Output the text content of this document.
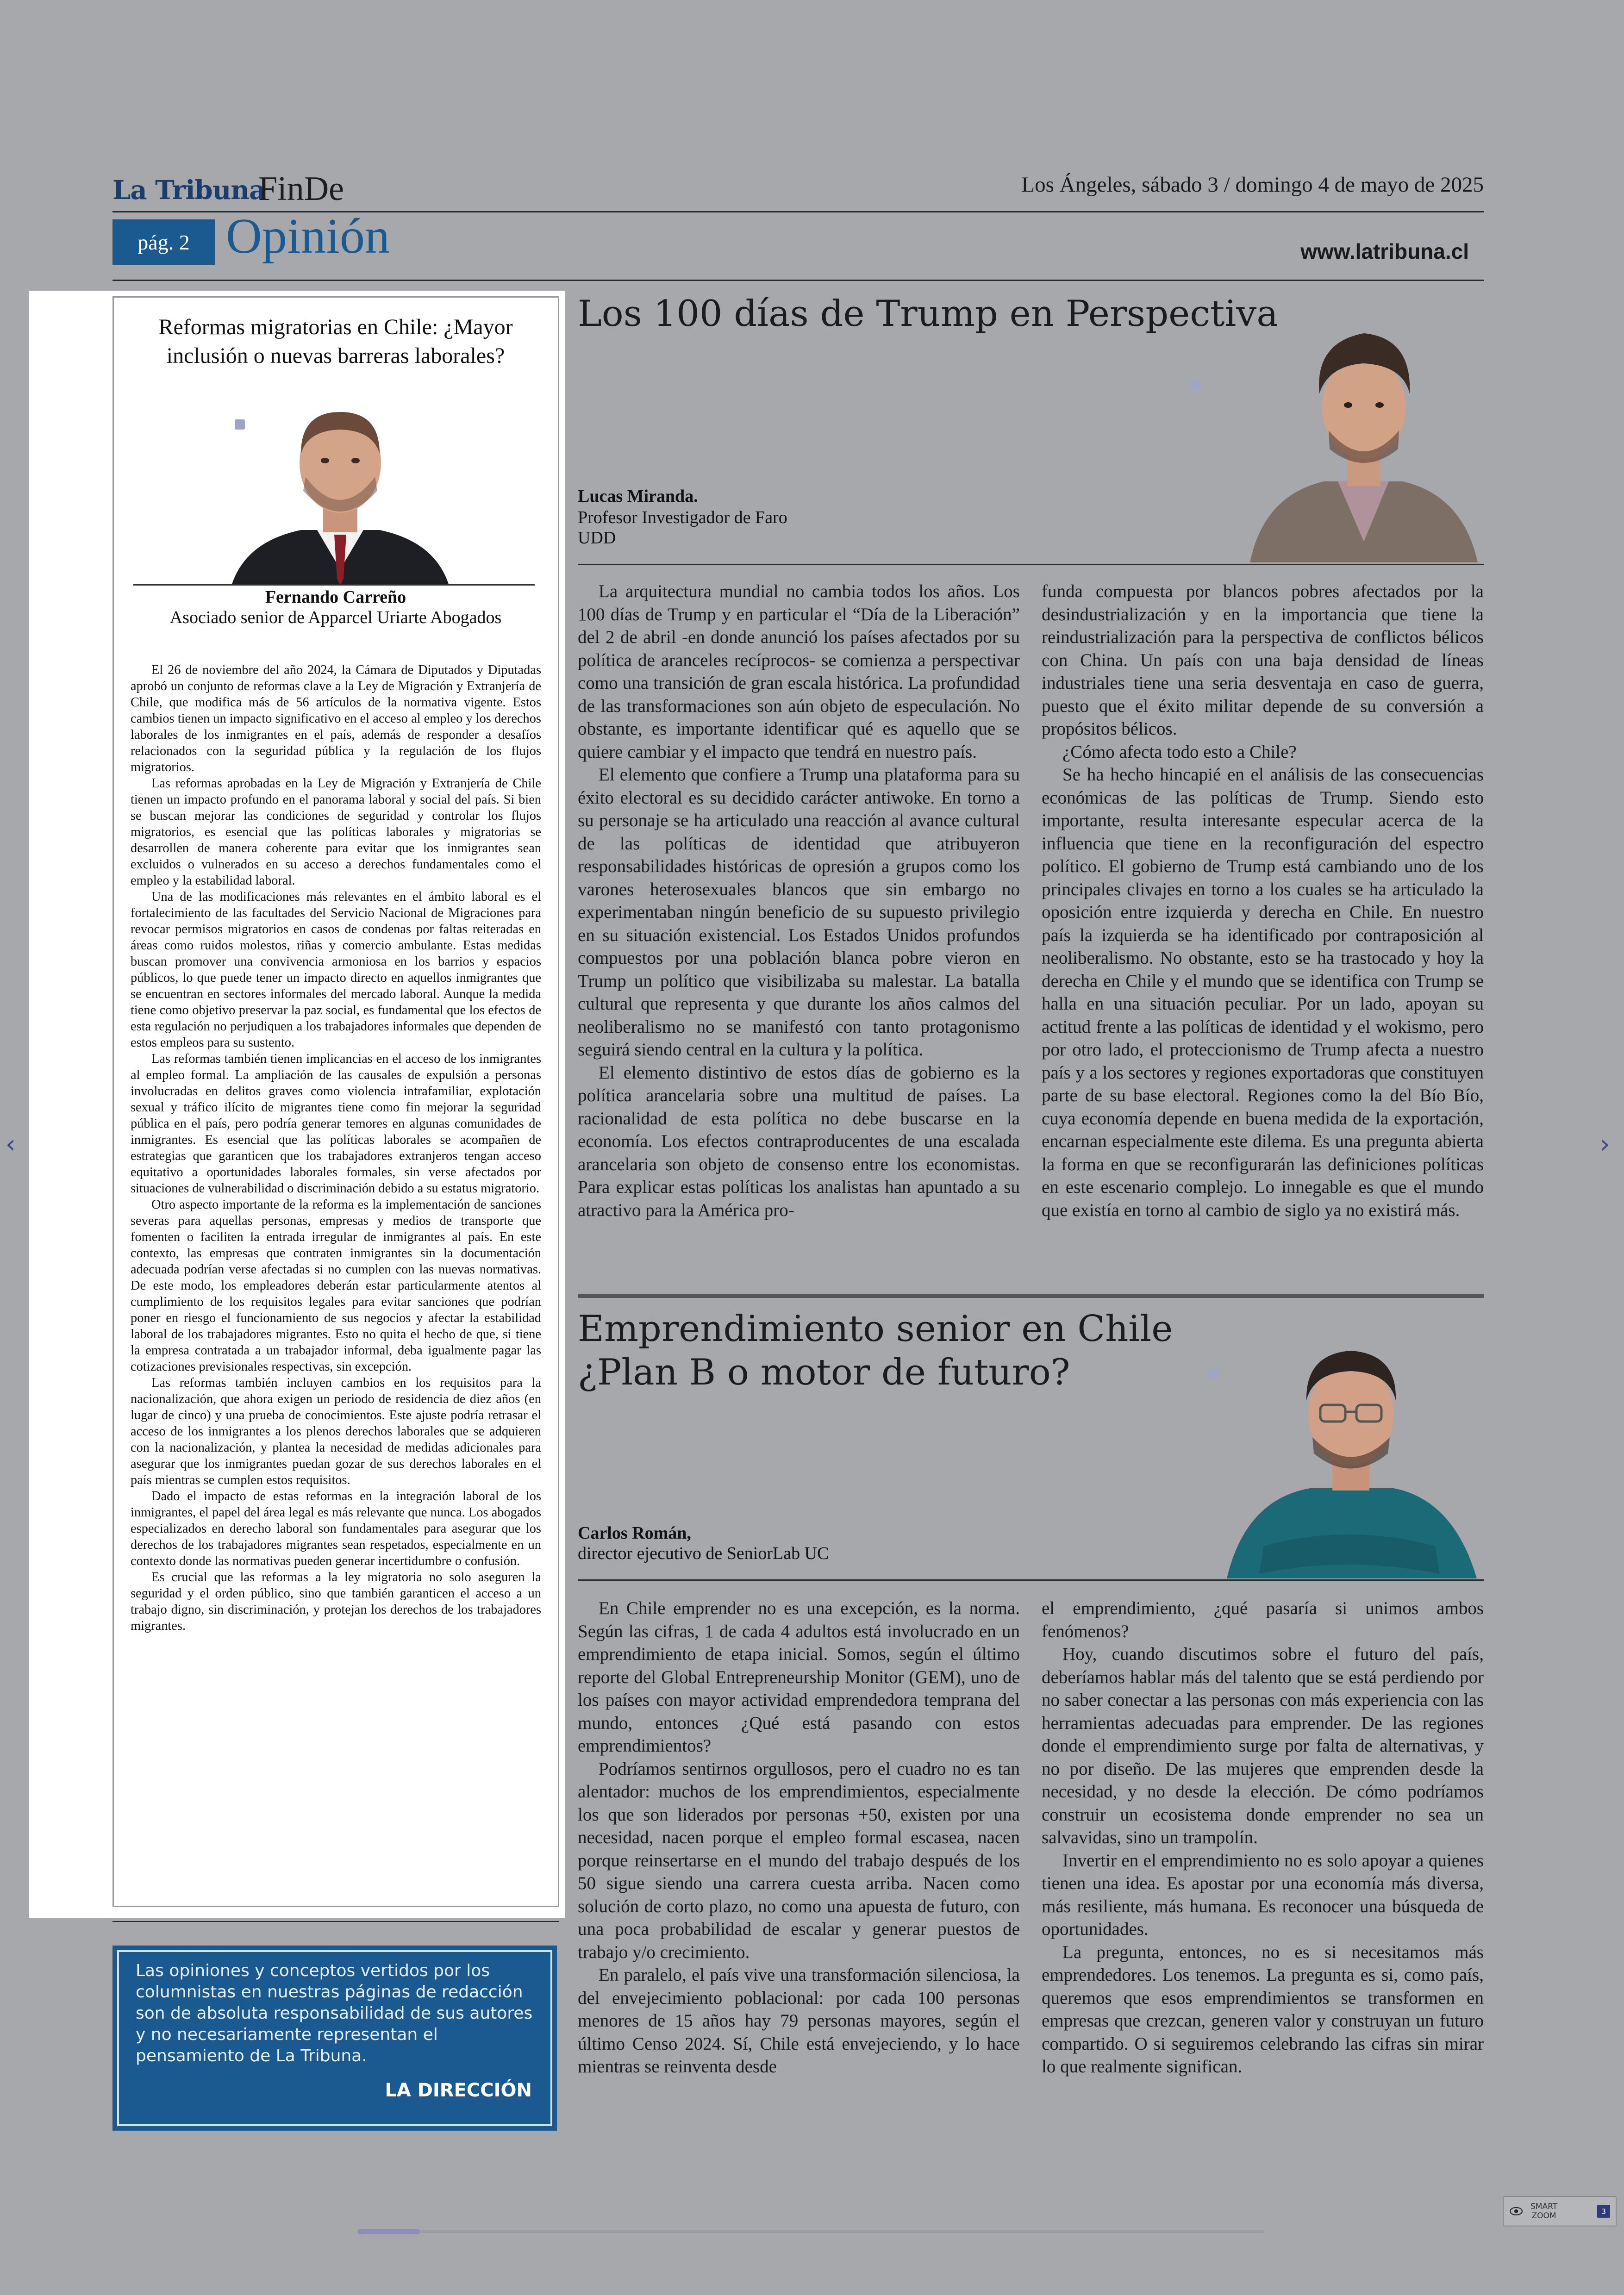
La Tribuna
FinDe	Los Ángeles, sábado 3 / domingo 4 de mayo de 2025
pág. 2 Opinión	www.latribuna.cl
Reformas migratorias en Chile: ¿Mayor inclusión o nuevas barreras laborales?
Fernando Carreño
Asociado senior de Apparcel Uriarte Abogados

El 26 de noviembre del año 2024, la Cámara de Diputados y Diputadas aprobó un conjunto de reformas clave a la Ley de Migración y Extranjería de Chile, que modifica más de 56 artículos de la normativa vigente. Estos cambios tienen un impacto significativo en el acceso al empleo y los derechos laborales de los inmigrantes en el país, además de responder a desafíos relacionados con la seguridad pública y la regulación de los flujos migratorios.

Las reformas aprobadas en la Ley de Migración y Extranjería de Chile tienen un impacto profundo en el panorama laboral y social del país. Si bien se buscan mejorar las condiciones de seguridad y controlar los flujos migratorios, es esencial que las políticas laborales y migratorias se desarrollen de manera coherente para evitar que los inmigrantes sean excluidos o vulnerados en su acceso a derechos fundamentales como el empleo y la estabilidad laboral.

Una de las modificaciones más relevantes en el ámbito laboral es el fortalecimiento de las facultades del Servicio Nacional de Migraciones para revocar permisos migratorios en casos de condenas por faltas reiteradas en áreas como ruidos molestos, riñas y comercio ambulante. Estas medidas buscan promover una convivencia armoniosa en los barrios y espacios públicos, lo que puede tener un impacto directo en aquellos inmigrantes que se encuentran en sectores informales del mercado laboral. Aunque la medida tiene como objetivo preservar la paz social, es fundamental que los efectos de esta regulación no perjudiquen a los trabajadores informales que dependen de estos empleos para su sustento.

Las reformas también tienen implicancias en el acceso de los inmigrantes al empleo formal. La ampliación de las causales de expulsión a personas involucradas en delitos graves como violencia intrafamiliar, explotación sexual y tráfico ilícito de migrantes tiene como fin mejorar la seguridad pública en el país, pero podría generar temores en algunas comunidades de inmigrantes. Es esencial que las políticas laborales se acompañen de estrategias que garanticen que los trabajadores extranjeros tengan acceso equitativo a oportunidades laborales formales, sin verse afectados por situaciones de vulnerabilidad o discriminación debido a su estatus migratorio.

Otro aspecto importante de la reforma es la implementación de sanciones severas para aquellas personas, empresas y medios de transporte que fomenten o faciliten la entrada irregular de inmigrantes al país. En este contexto, las empresas que contraten inmigrantes sin la documentación adecuada podrían verse afectadas si no cumplen con las nuevas normativas. De este modo, los empleadores deberán estar particularmente atentos al cumplimiento de los requisitos legales para evitar sanciones que podrían poner en riesgo el funcionamiento de sus negocios y afectar la estabilidad laboral de los trabajadores migrantes. Esto no quita el hecho de que, si tiene la empresa contratada a un trabajador informal, deba igualmente pagar las cotizaciones previsionales respectivas, sin excepción.

Las reformas también incluyen cambios en los requisitos para la nacionalización, que ahora exigen un periodo de residencia de diez años (en lugar de cinco) y una prueba de conocimientos. Este ajuste podría retrasar el acceso de los inmigrantes a los plenos derechos laborales que se adquieren con la nacionalización, y plantea la necesidad de medidas adicionales para asegurar que los inmigrantes puedan gozar de sus derechos laborales en el país mientras se cumplen estos requisitos.

Dado el impacto de estas reformas en la integración laboral de los inmigrantes, el papel del área legal es más relevante que nunca. Los abogados especializados en derecho laboral son fundamentales para asegurar que los derechos de los trabajadores migrantes sean respetados, especialmente en un contexto donde las normativas pueden generar incertidumbre o confusión.

Es crucial que las reformas a la ley migratoria no solo aseguren la seguridad y el orden público, sino que también garanticen el acceso a un trabajo digno, sin discriminación, y protejan los derechos de los trabajadores migrantes.

Las opiniones y conceptos vertidos por los columnistas en nuestras páginas de redacción son de absoluta responsabilidad de sus autores y no necesariamente representan el pensamiento de La Tribuna.
LA DIRECCIÓN
Los 100 días de Trump en Perspectiva
Lucas Miranda.
Profesor Investigador de Faro UDD

La arquitectura mundial no cambia todos los años. Los 100 días de Trump y en particular el “Día de la Liberación” del 2 de abril -en donde anunció los países afectados por su política de aranceles recíprocos- se comienza a perspectivar como una transición de gran escala histórica. La profundidad de las transformaciones son aún objeto de especulación. No obstante, es importante identificar qué es aquello que se quiere cambiar y el impacto que tendrá en nuestro país.

El elemento que confiere a Trump una plataforma para su éxito electoral es su decidido carácter antiwoke. En torno a su personaje se ha articulado una reacción al avance cultural de las políticas de identidad que atribuyeron responsabilidades históricas de opresión a grupos como los varones heterosexuales blancos que sin embargo no experimentaban ningún beneficio de su supuesto privilegio en su situación existencial. Los Estados Unidos profundos compuestos por una población blanca pobre vieron en Trump un político que visibilizaba su malestar. La batalla cultural que representa y que durante los años calmos del neoliberalismo no se manifestó con tanto protagonismo seguirá siendo central en la cultura y la política.

El elemento distintivo de estos días de gobierno es la política arancelaria sobre una multitud de países. La racionalidad de esta política no debe buscarse en la economía. Los efectos contraproducentes de una escalada arancelaria son objeto de consenso entre los economistas. Para explicar estas políticas los analistas han apuntado a su atractivo para la América pro-

funda compuesta por blancos pobres afectados por la desindustrialización y en la importancia que tiene la reindustrialización para la perspectiva de conflictos bélicos con China. Un país con una baja densidad de líneas industriales tiene una seria desventaja en caso de guerra, puesto que el éxito militar depende de su conversión a propósitos bélicos.

¿Cómo afecta todo esto a Chile?

Se ha hecho hincapié en el análisis de las consecuencias económicas de las políticas de Trump. Siendo esto importante, resulta interesante especular acerca de la influencia que tiene en la reconfiguración del espectro político. El gobierno de Trump está cambiando uno de los principales clivajes en torno a los cuales se ha articulado la oposición entre izquierda y derecha en Chile. En nuestro país la izquierda se ha identificado por contraposición al neoliberalismo. No obstante, esto se ha trastocado y hoy la derecha en Chile y el mundo que se identifica con Trump se halla en una situación peculiar. Por un lado, apoyan su actitud frente a las políticas de identidad y el wokismo, pero por otro lado, el proteccionismo de Trump afecta a nuestro país y a los sectores y regiones exportadoras que constituyen parte de su base electoral. Regiones como la del Bío Bío, cuya economía depende en buena medida de la exportación, encarnan especialmente este dilema. Es una pregunta abierta la forma en que se reconfigurarán las definiciones políticas en este escenario complejo. Lo innegable es que el mundo que existía en torno al cambio de siglo ya no existirá más.

Emprendimiento senior en Chile
¿Plan B o motor de futuro?
Carlos Román,
director ejecutivo de SeniorLab UC

En Chile emprender no es una excepción, es la norma. Según las cifras, 1 de cada 4 adultos está involucrado en un emprendimiento de etapa inicial. Somos, según el último reporte del Global Entrepreneurship Monitor (GEM), uno de los países con mayor actividad emprendedora temprana del mundo, entonces ¿Qué está pasando con estos emprendimientos?

Podríamos sentirnos orgullosos, pero el cuadro no es tan alentador: muchos de los emprendimientos, especialmente los que son liderados por personas +50, existen por una necesidad, nacen porque el empleo formal escasea, nacen porque reinsertarse en el mundo del trabajo después de los 50 sigue siendo una carrera cuesta arriba. Nacen como solución de corto plazo, no como una apuesta de futuro, con una poca probabilidad de escalar y generar puestos de trabajo y/o crecimiento.

En paralelo, el país vive una transformación silenciosa, la del envejecimiento poblacional: por cada 100 personas menores de 15 años hay 79 personas mayores, según el último Censo 2024. Sí, Chile está envejeciendo, y lo hace mientras se reinventa desde

el emprendimiento, ¿qué pasaría si unimos ambos fenómenos?

Hoy, cuando discutimos sobre el futuro del país, deberíamos hablar más del talento que se está perdiendo por no saber conectar a las personas con más experiencia con las herramientas adecuadas para emprender. De las regiones donde el emprendimiento surge por falta de alternativas, y no por diseño. De las mujeres que emprenden desde la necesidad, y no desde la elección. De cómo podríamos construir un ecosistema donde emprender no sea un salvavidas, sino un trampolín.

Invertir en el emprendimiento no es solo apoyar a quienes tienen una idea. Es apostar por una economía más diversa, más resiliente, más humana. Es reconocer una búsqueda de oportunidades.

La pregunta, entonces, no es si necesitamos más emprendedores. Los tenemos. La pregunta es si, como país, queremos que esos emprendimientos se transformen en empresas que crezcan, generen valor y construyan un futuro compartido. O si seguiremos celebrando las cifras sin mirar lo que realmente significan.

‹	›
SMART
ZOOM	3
